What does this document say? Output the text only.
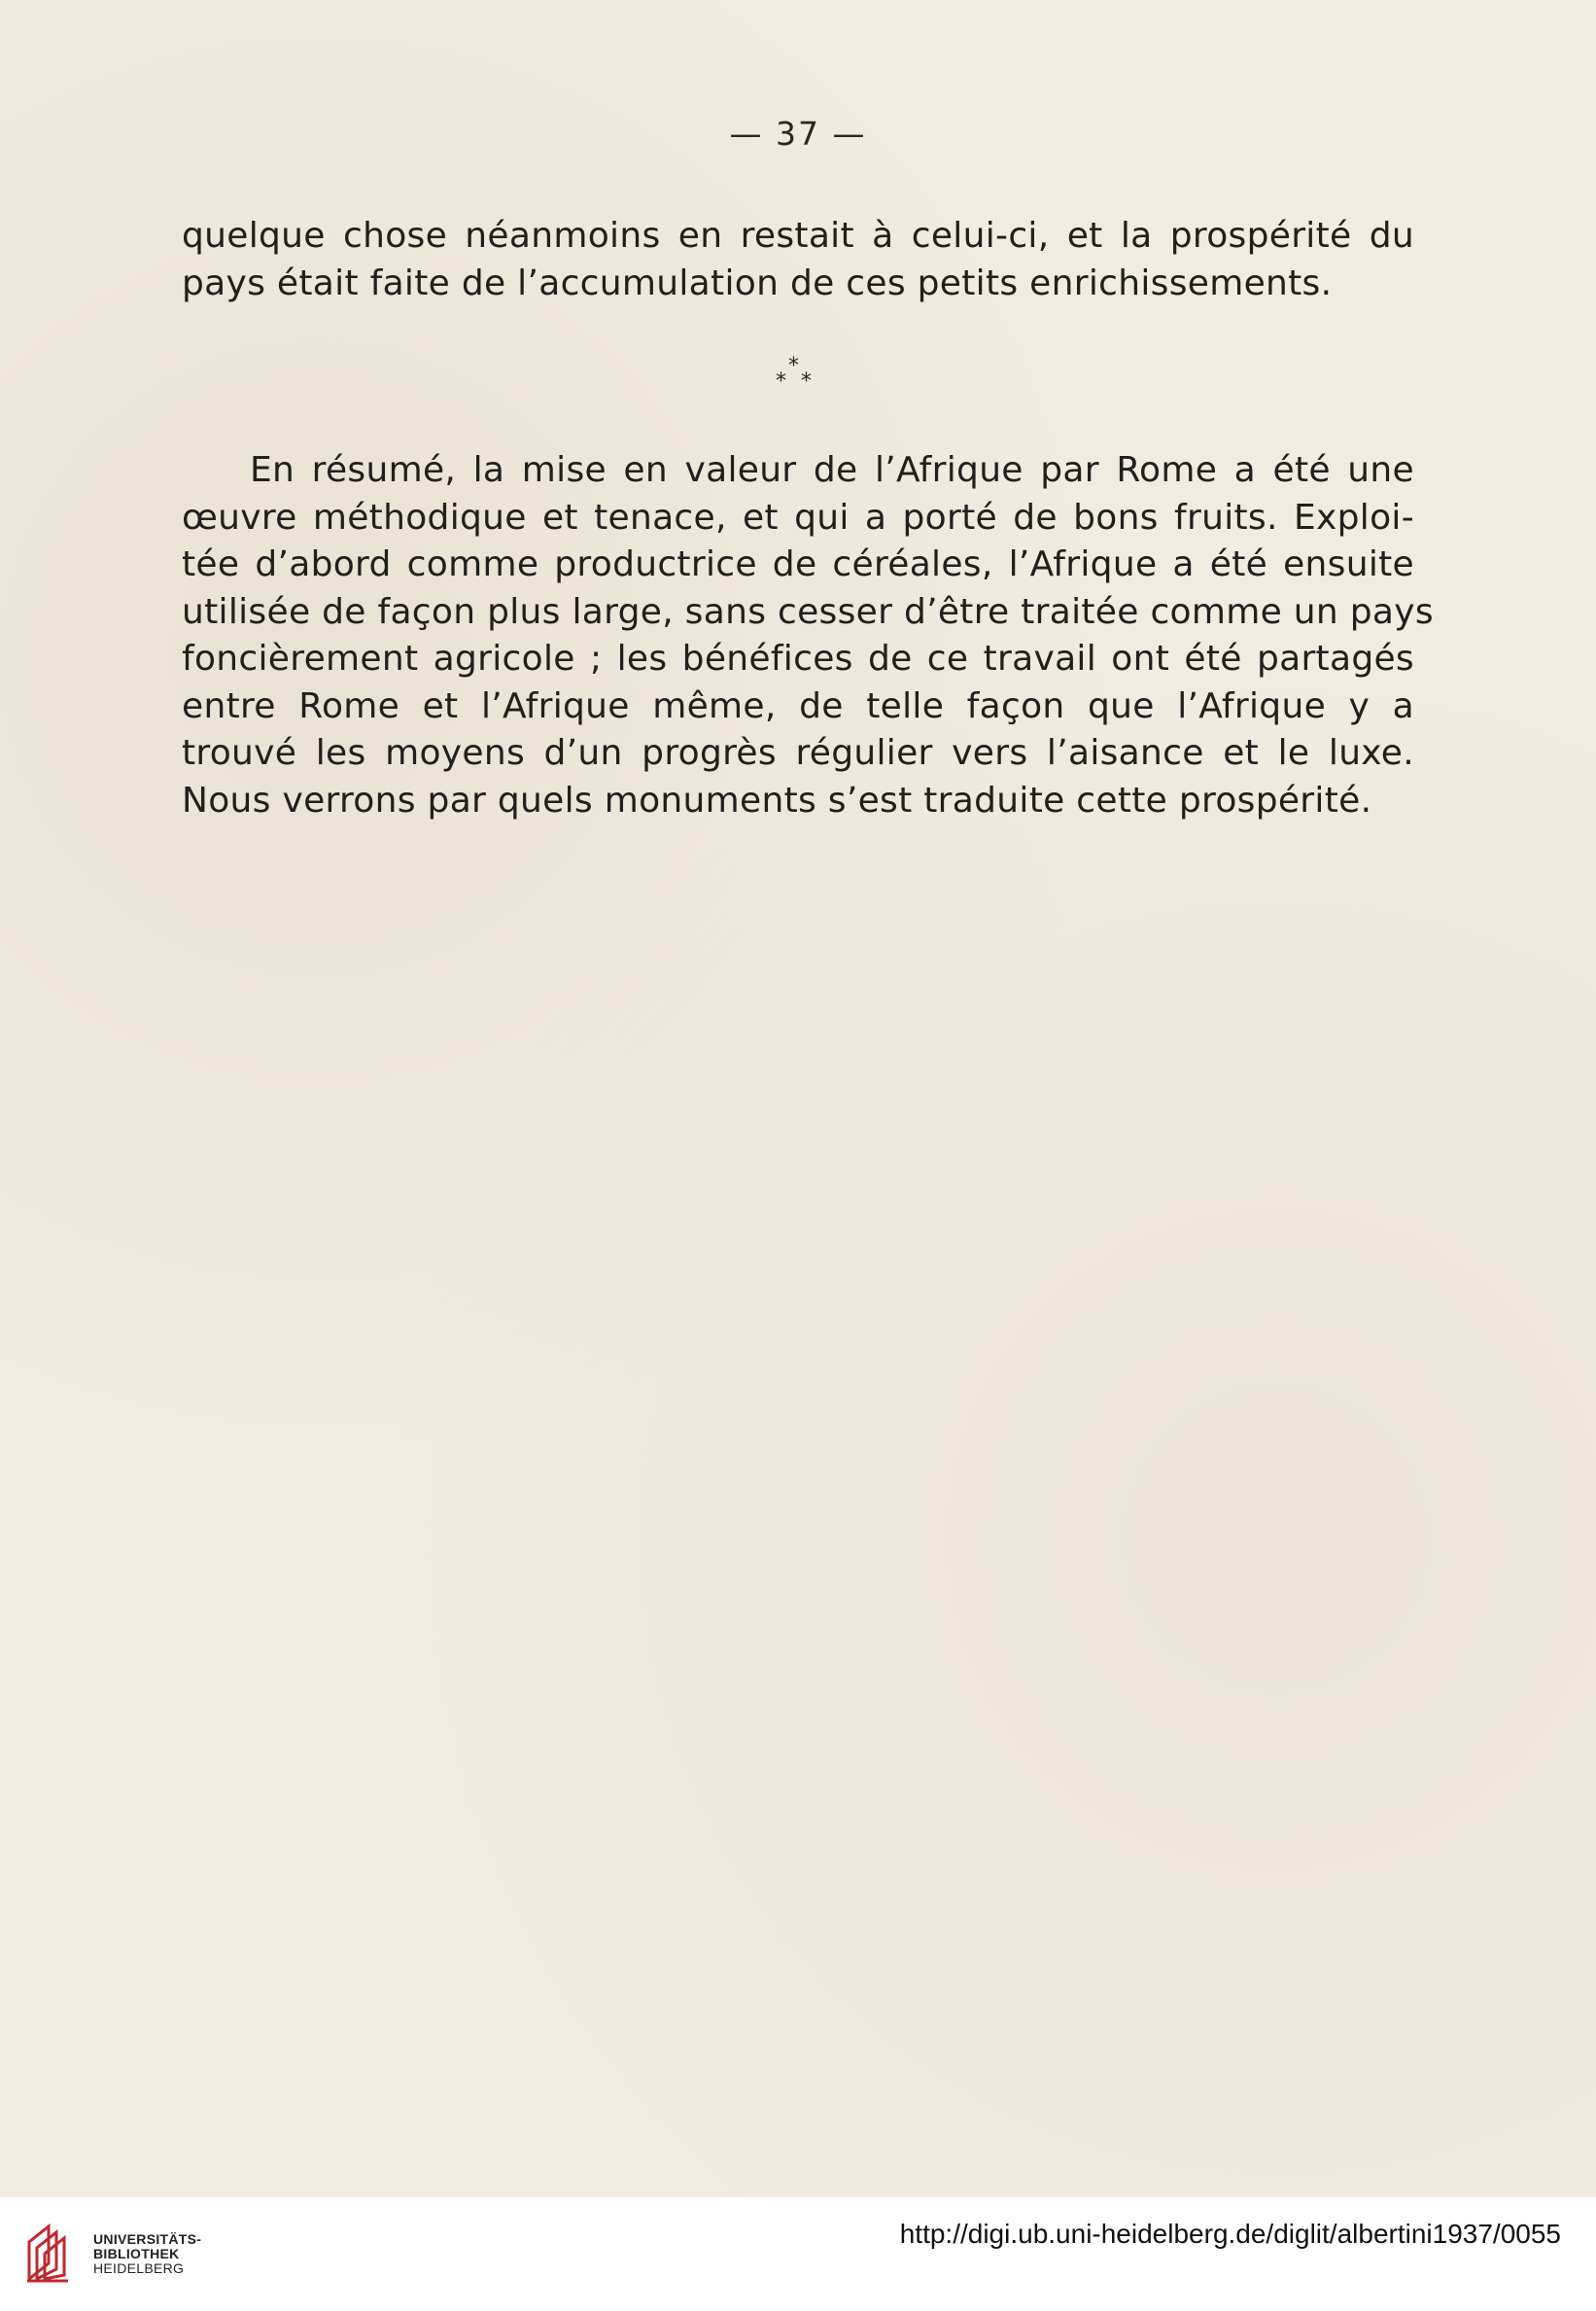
— 37 —
quelque chose néanmoins en restait à celui-ci, et la prospérité du
pays était faite de l’accumulation de ces petits enrichissements.
*
* *
En résumé, la mise en valeur de l’Afrique par Rome a été une
œuvre méthodique et tenace, et qui a porté de bons fruits. Exploi-
tée d’abord comme productrice de céréales, l’Afrique a été ensuite
utilisée de façon plus large, sans cesser d’être traitée comme un pays
foncièrement agricole ; les bénéfices de ce travail ont été partagés
entre Rome et l’Afrique même, de telle façon que l’Afrique y a
trouvé les moyens d’un progrès régulier vers l’aisance et le luxe.
Nous verrons par quels monuments s’est traduite cette prospérité.
UNIVERSITÄTS-
BIBLIOTHEK
HEIDELBERG
http://digi.ub.uni-heidelberg.de/diglit/albertini1937/0055
